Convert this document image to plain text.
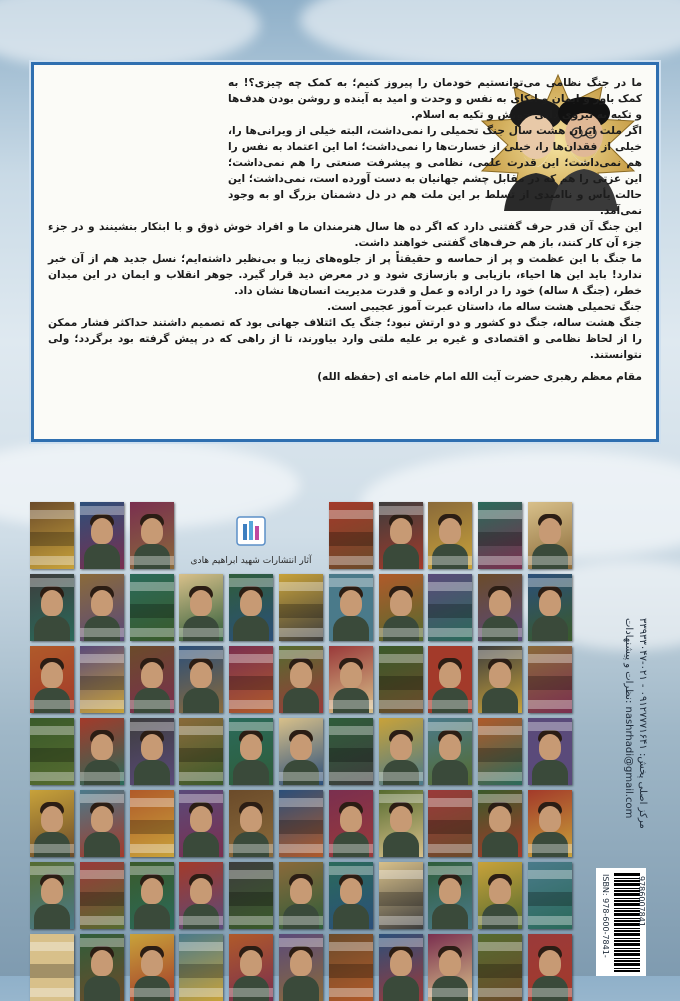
ما در جنگ نظامی می‌توانستیم خودمان را پیروز کنیم؛ به کمک چه چیزی؟! به کمک باور و ایمان و اتکای به نفس و وحدت و امید به آینده و روشن بودن هدف‌ها و تکیه به نیروی ذاتی خویش و تکیه به اسلام.

اگر ملت ایران هشت سال جنگ تحمیلی را نمی‌داشت، البته خیلی از ویرانی‌ها را، خیلی از فقدان‌ها را، خیلی از خسارت‌ها را نمی‌داشت؛ اما این اعتماد به نفس را هم نمی‌داشت؛ این قدرت علمی، نظامی و پیشرفت صنعتی را هم نمی‌داشت؛ این عزتی را هم که در مقابل چشم جهانیان به دست آورده است، نمی‌داشت؛ این حالت یأس و ناامیدی از تسلط بر این ملت هم در دل دشمنان بزرگ او به وجود نمی‌آمد.

این جنگ آن قدر حرف گفتنی دارد که اگر ده ها سال هنرمندان ما و افراد خوش ذوق و با ابتکار بنشینند و در جزء جزء آن کار کنند، باز هم حرف‌های گفتنی خواهند داشت.

ما جنگ با این عظمت و پر از حماسه و حقیقتاً پر از جلوه‌های زیبا و بی‌نظیر داشته‌ایم؛ نسل جدید هم از آن خبر ندارد! باید این ها احیاء، بازیابی و بازسازی شود و در معرض دید قرار گیرد. جوهر انقلاب و ایمان در این میدان خطر، (جنگ ۸ ساله) خود را در اراده و عمل و قدرت مدیریت انسان‌ها نشان داد.

جنگ تحمیلی هشت ساله ما، داستان عبرت آموز عجیبی است.

جنگ هشت ساله، جنگ دو کشور و دو ارتش نبود؛ جنگ یک ائتلاف جهانی بود که تصمیم داشتند حداکثر فشار ممکن را از لحاظ نظامی و اقتصادی و غیره بر علیه ملتی وارد بیاورند، تا از راهی که در پیش گرفته بود برگردد؛ ولی نتوانستند.

مقام معظم رهبری حضرت آیت الله امام خامنه ای (حفظه الله)

آثار انتشارات شهید ابراهیم هادی
مرکز اصلی پخش: ۰۹۱۲۷۷۷۱۶۴۱ - ۰۲۱-۳۳۹۳۳۰۴۷
نظرات و پیشنهادات: nashrhadi@gmail.com
ISBN: 978-600-7841-	9786007841
